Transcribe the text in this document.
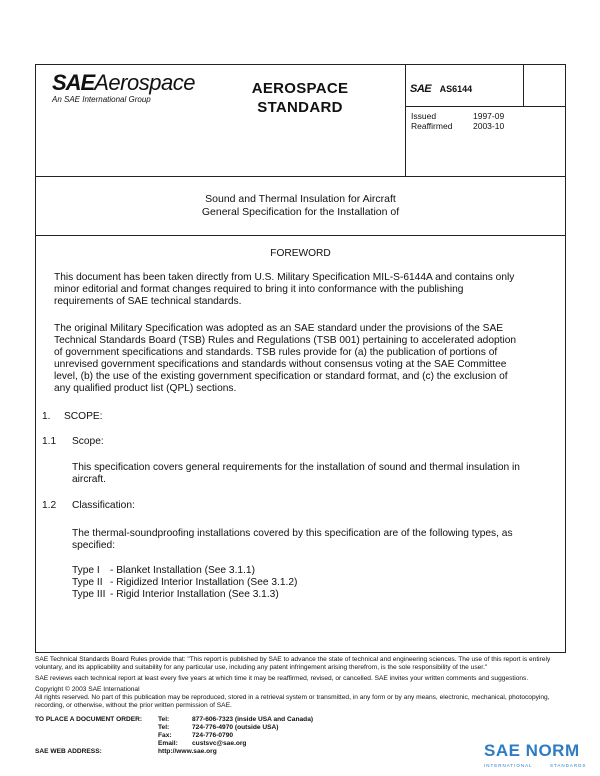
SAEAerospace
An SAE International Group
AEROSPACE
STANDARD
SAE AS6144
Issued	1997-09
Reaffirmed 2003-10
Sound and Thermal Insulation for Aircraft
General Specification for the Installation of
FOREWORD
This document has been taken directly from U.S. Military Specification MIL-S-6144A and contains only
minor editorial and format changes required to bring it into conformance with the publishing
requirements of SAE technical standards.
The original Military Specification was adopted as an SAE standard under the provisions of the SAE
Technical Standards Board (TSB) Rules and Regulations (TSB 001) pertaining to accelerated adoption
of government specifications and standards. TSB rules provide for (a) the publication of portions of
unrevised government specifications and standards without consensus voting at the SAE Committee
level, (b) the use of the existing government specification or standard format, and (c) the exclusion of
any qualified product list (QPL) sections.
1. SCOPE:
1.1 Scope:
This specification covers general requirements for the installation of sound and thermal insulation in
aircraft.
1.2 Classification:
The thermal-soundproofing installations covered by this specification are of the following types, as
specified:
Type I - Blanket Installation (See 3.1.1)
Type II - Rigidized Interior Installation (See 3.1.2)
Type III - Rigid Interior Installation (See 3.1.3)
SAE Technical Standards Board Rules provide that: "This report is published by SAE to advance the state of technical and engineering sciences. The use of this report is entirely
voluntary, and its applicability and suitability for any particular use, including any patent infringement arising therefrom, is the sole responsibility of the user."
SAE reviews each technical report at least every five years at which time it may be reaffirmed, revised, or cancelled. SAE invites your written comments and suggestions.
Copyright © 2003 SAE International
All rights reserved. No part of this publication may be reproduced, stored in a retrieval system or transmitted, in any form or by any means, electronic, mechanical, photocopying,
recording, or otherwise, without the prior written permission of SAE.
TO PLACE A DOCUMENT ORDER: Tel:	877-606-7323 (inside USA and Canada)
Tel:	724-776-4970 (outside USA)
Fax:	724-776-0790
Email: custsvc@sae.org
SAE WEB ADDRESS:	http://www.sae.org	SAE NORM
INTERNATIONAL	STANDARDS
